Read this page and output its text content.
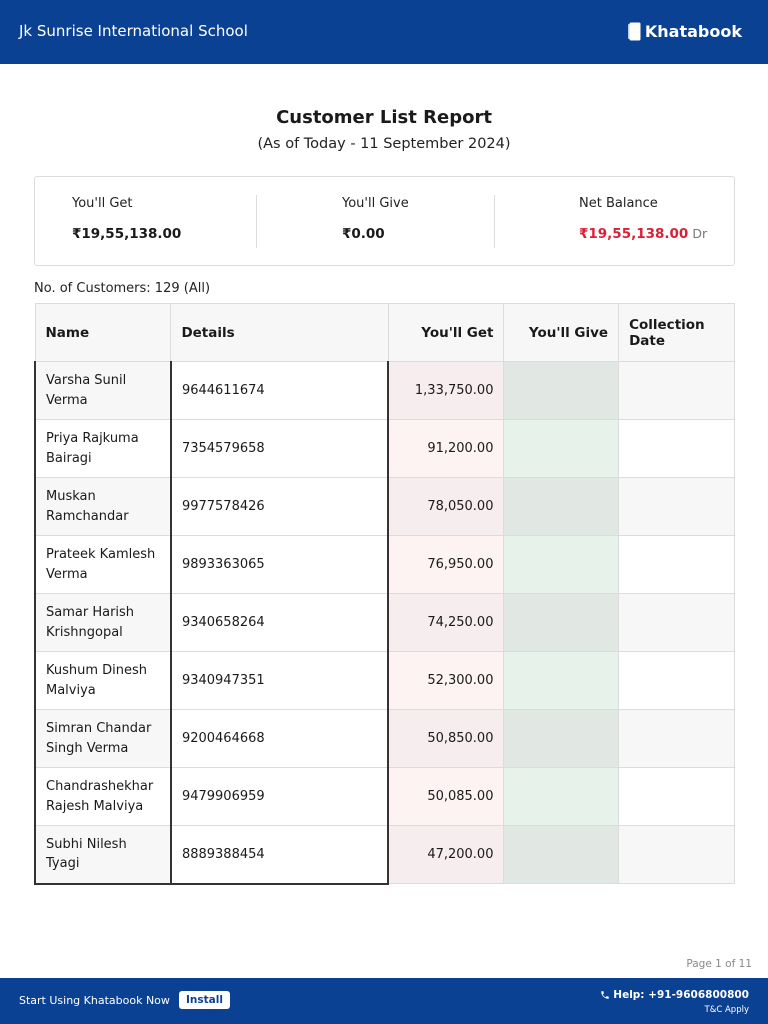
Jk Sunrise International School	Khatabook
Customer List Report
(As of Today - 11 September 2024)
You'll Get
₹19,55,138.00
You'll Give
₹0.00
Net Balance
₹19,55,138.00 Dr
No. of Customers: 129 (All)
Name	Details	You'll Get	You'll Give	Collection Date
Varsha Sunil Verma	9644611674	1,33,750.00		
Priya Rajkuma Bairagi	7354579658	91,200.00		
Muskan Ramchandar	9977578426	78,050.00		
Prateek Kamlesh Verma	9893363065	76,950.00		
Samar Harish Krishngopal	9340658264	74,250.00		
Kushum Dinesh Malviya	9340947351	52,300.00		
Simran Chandar Singh Verma	9200464668	50,850.00		
Chandrashekhar Rajesh Malviya	9479906959	50,085.00		
Subhi Nilesh Tyagi	8889388454	47,200.00		
Page 1 of 11
Start Using Khatabook Now	Install	Help: +91-9606800800
T&C Apply
